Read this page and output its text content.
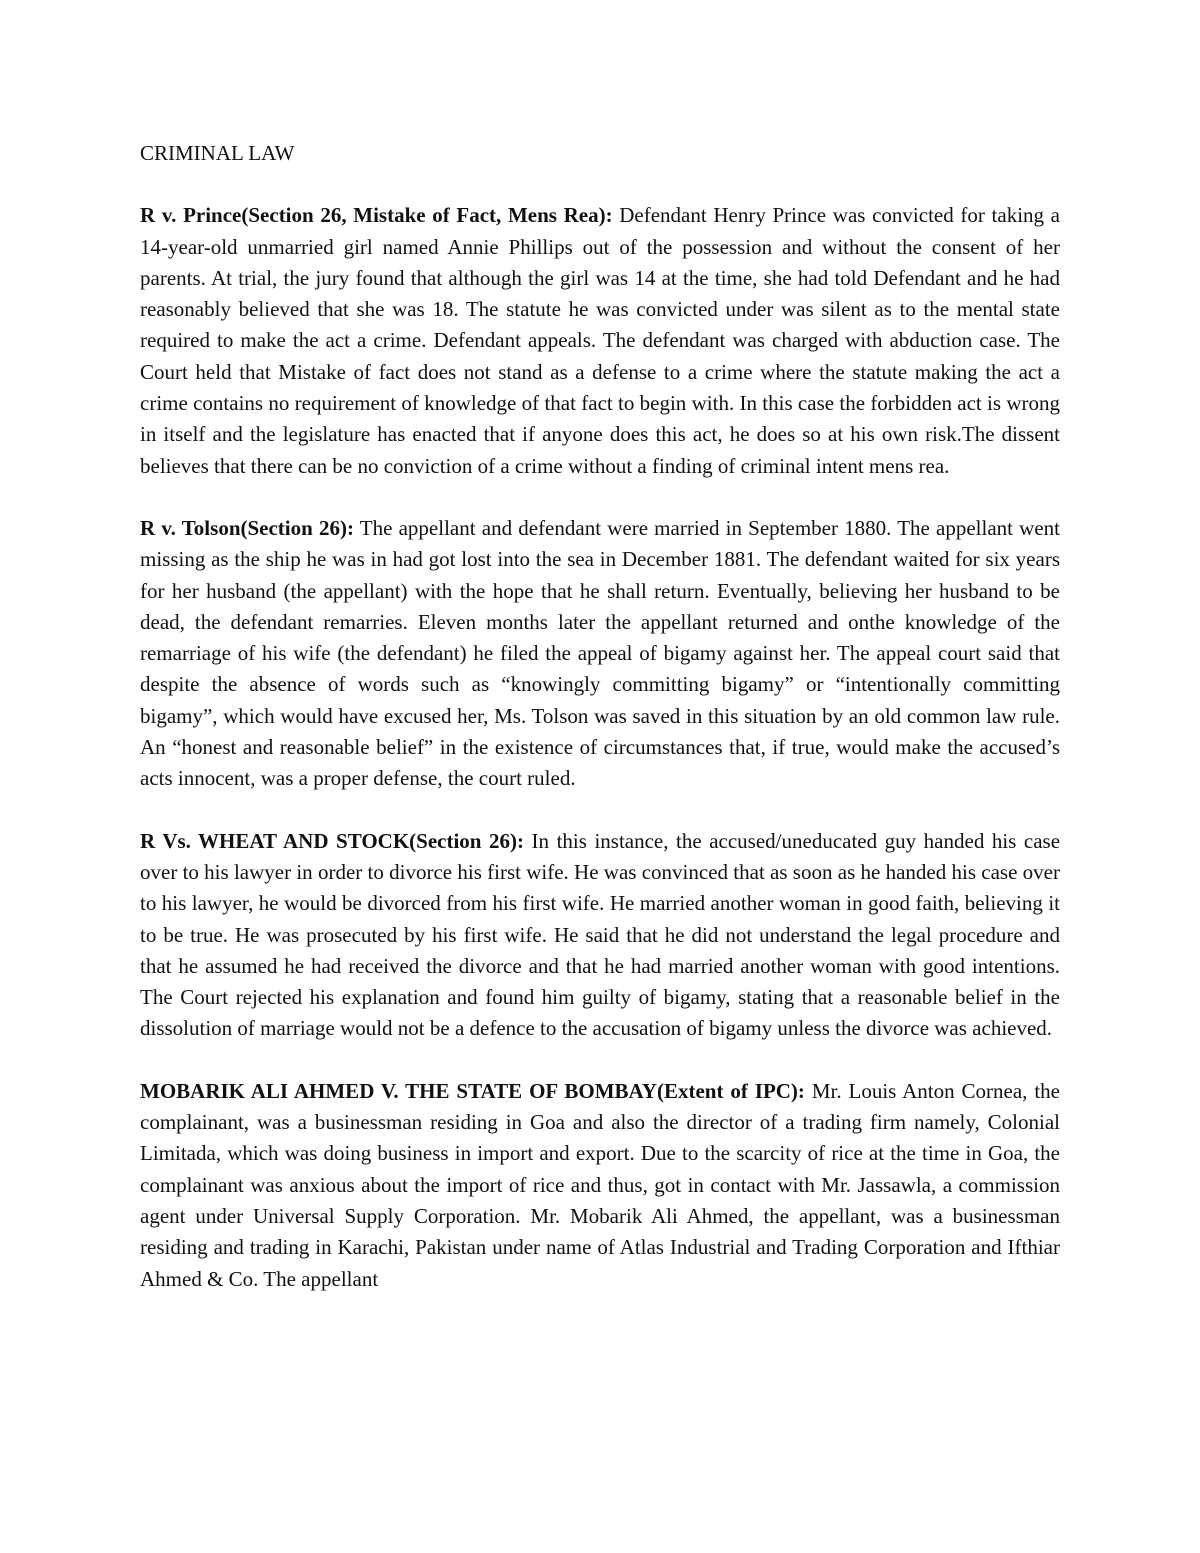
CRIMINAL LAW

R v. Prince(Section 26, Mistake of Fact, Mens Rea): Defendant Henry Prince was convicted for taking a 14-year-old unmarried girl named Annie Phillips out of the possession and without the consent of her parents. At trial, the jury found that although the girl was 14 at the time, she had told Defendant and he had reasonably believed that she was 18. The statute he was convicted under was silent as to the mental state required to make the act a crime. Defendant appeals. The defendant was charged with abduction case. The Court held that Mistake of fact does not stand as a defense to a crime where the statute making the act a crime contains no requirement of knowledge of that fact to begin with. In this case the forbidden act is wrong in itself and the legislature has enacted that if anyone does this act, he does so at his own risk.The dissent believes that there can be no conviction of a crime without a finding of criminal intent mens rea.

R v. Tolson(Section 26): The appellant and defendant were married in September 1880. The appellant went missing as the ship he was in had got lost into the sea in December 1881. The defendant waited for six years for her husband (the appellant) with the hope that he shall return. Eventually, believing her husband to be dead, the defendant remarries. Eleven months later the appellant returned and onthe knowledge of the remarriage of his wife (the defendant) he filed the appeal of bigamy against her. The appeal court said that despite the absence of words such as “knowingly committing bigamy” or “intentionally committing bigamy”, which would have excused her, Ms. Tolson was saved in this situation by an old common law rule. An “honest and reasonable belief” in the existence of circumstances that, if true, would make the accused’s acts innocent, was a proper defense, the court ruled.

R Vs. WHEAT AND STOCK(Section 26): In this instance, the accused/uneducated guy handed his case over to his lawyer in order to divorce his first wife. He was convinced that as soon as he handed his case over to his lawyer, he would be divorced from his first wife. He married another woman in good faith, believing it to be true. He was prosecuted by his first wife. He said that he did not understand the legal procedure and that he assumed he had received the divorce and that he had married another woman with good intentions. The Court rejected his explanation and found him guilty of bigamy, stating that a reasonable belief in the dissolution of marriage would not be a defence to the accusation of bigamy unless the divorce was achieved.

MOBARIK ALI AHMED V. THE STATE OF BOMBAY(Extent of IPC): Mr. Louis Anton Cornea, the complainant, was a businessman residing in Goa and also the director of a trading firm namely, Colonial Limitada, which was doing business in import and export. Due to the scarcity of rice at the time in Goa, the complainant was anxious about the import of rice and thus, got in contact with Mr. Jassawla, a commission agent under Universal Supply Corporation. Mr. Mobarik Ali Ahmed, the appellant, was a businessman residing and trading in Karachi, Pakistan under name of Atlas Industrial and Trading Corporation and Ifthiar Ahmed & Co. The appellant
